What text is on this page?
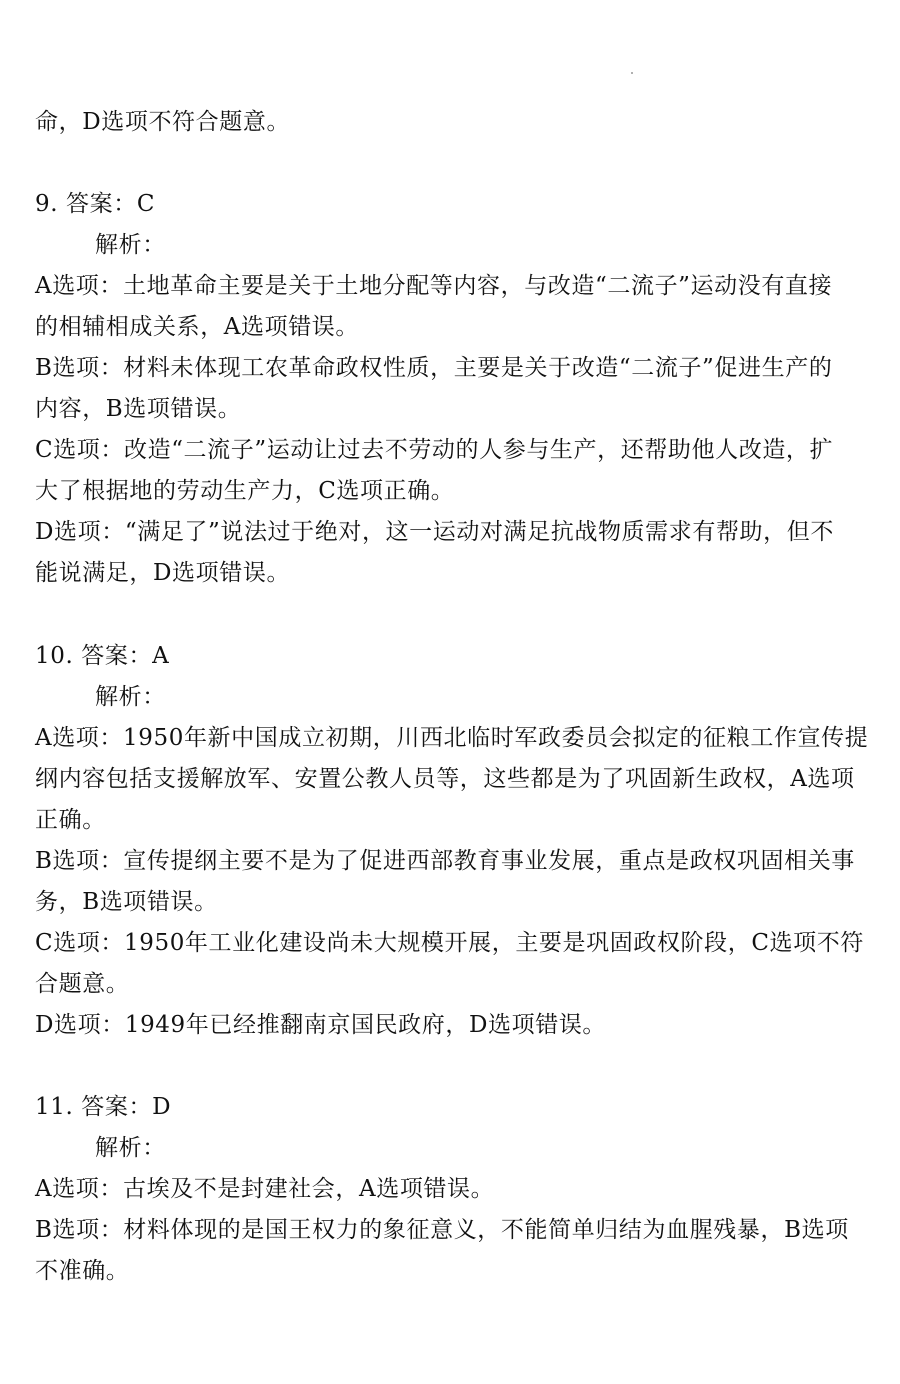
命，D选项不符合题意。
9. 答案：C
解析：
A选项：土地革命主要是关于土地分配等内容，与改造“二流子”运动没有直接
的相辅相成关系，A选项错误。
B选项：材料未体现工农革命政权性质，主要是关于改造“二流子”促进生产的
内容，B选项错误。
C选项：改造“二流子”运动让过去不劳动的人参与生产，还帮助他人改造，扩
大了根据地的劳动生产力，C选项正确。
D选项：“满足了”说法过于绝对，这一运动对满足抗战物质需求有帮助，但不
能说满足，D选项错误。
10. 答案：A
解析：
A选项：1950年新中国成立初期，川西北临时军政委员会拟定的征粮工作宣传提
纲内容包括支援解放军、安置公教人员等，这些都是为了巩固新生政权，A选项
正确。
B选项：宣传提纲主要不是为了促进西部教育事业发展，重点是政权巩固相关事
务，B选项错误。
C选项：1950年工业化建设尚未大规模开展，主要是巩固政权阶段，C选项不符
合题意。
D选项：1949年已经推翻南京国民政府，D选项错误。
11. 答案：D
解析：
A选项：古埃及不是封建社会，A选项错误。
B选项：材料体现的是国王权力的象征意义，不能简单归结为血腥残暴，B选项
不准确。
